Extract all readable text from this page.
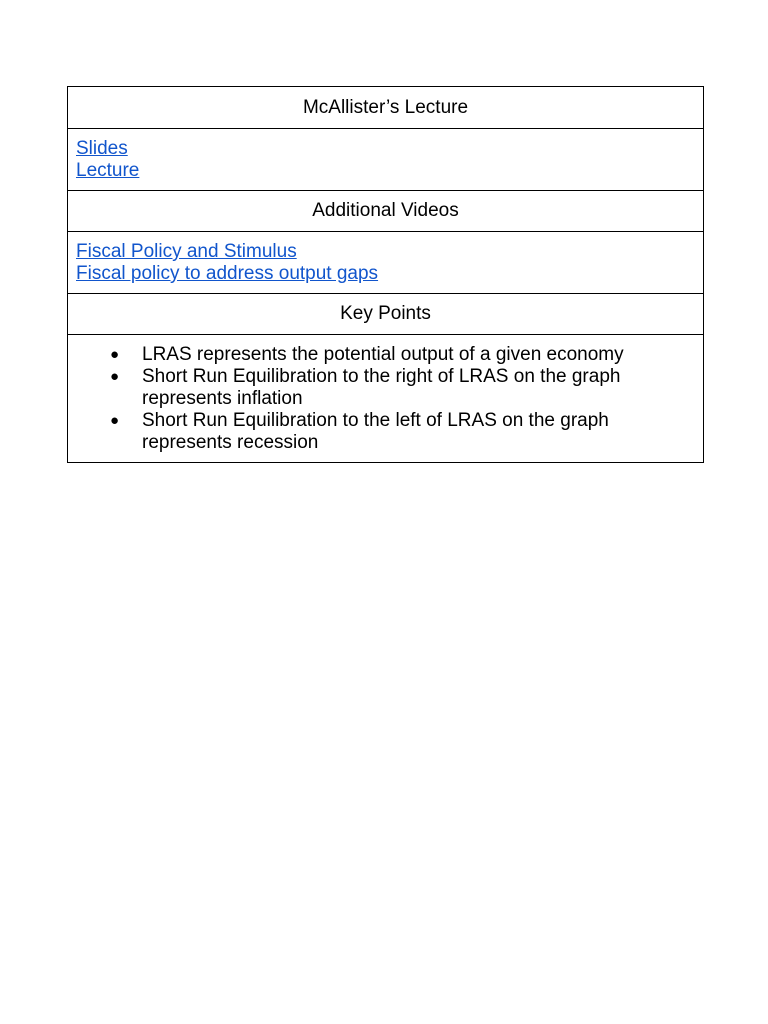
McAllister’s Lecture
Slides
Lecture
Additional Videos
Fiscal Policy and Stimulus
Fiscal policy to address output gaps
Key Points
● LRAS represents the potential output of a given economy
● Short Run Equilibration to the right of LRAS on the graph represents inflation
● Short Run Equilibration to the left of LRAS on the graph represents recession
